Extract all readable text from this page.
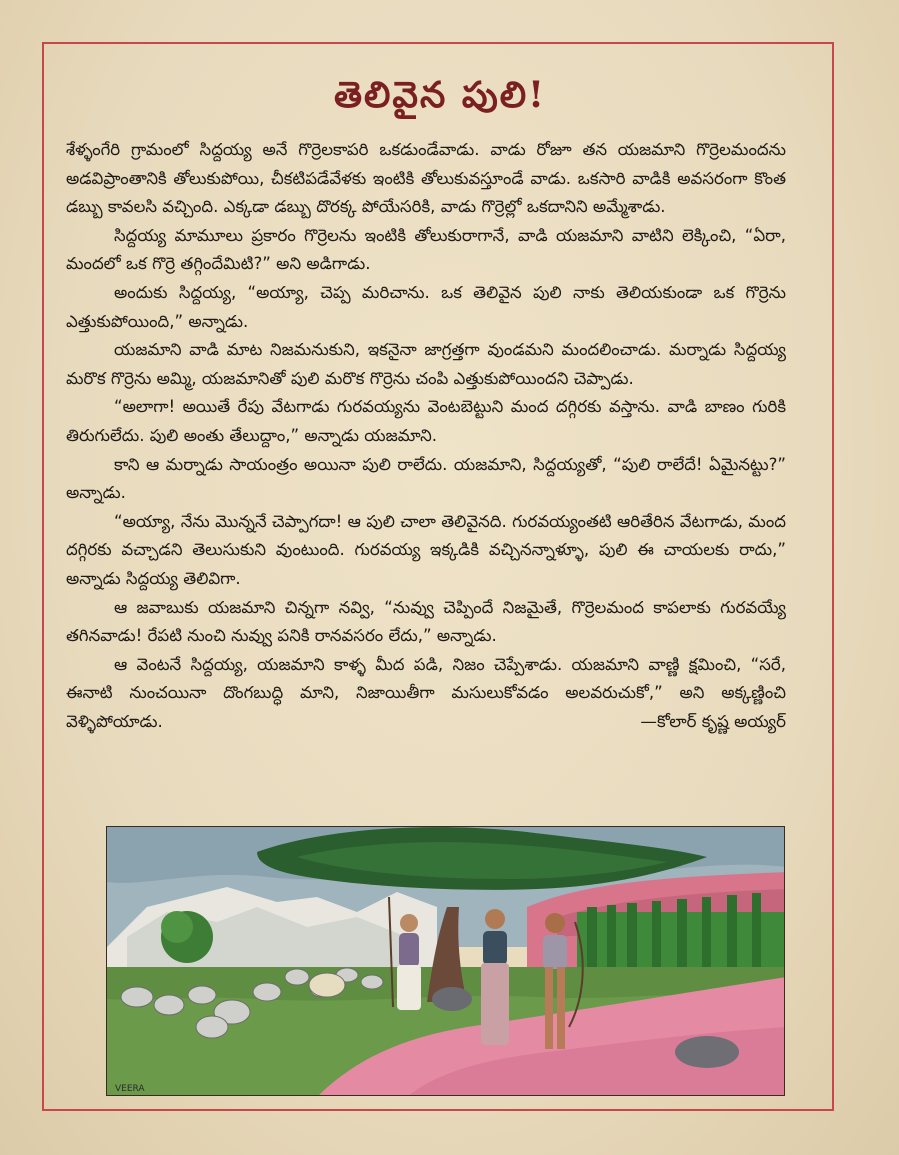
తెలివైన పులి!

శేళ్ళంగేరి గ్రామంలో సిద్దయ్య అనే గొర్రెలకాపరి ఒకడుండేవాడు. వాడు రోజూ తన యజమాని గొర్రెలమందను అడవిప్రాంతానికి తోలుకుపోయి, చీకటిపడేవేళకు ఇంటికి తోలుకువస్తూండే వాడు. ఒకసారి వాడికి అవసరంగా కొంత డబ్బు కావలసి వచ్చింది. ఎక్కడా డబ్బు దొరక్క పోయేసరికి, వాడు గొర్రెల్లో ఒకదానిని అమ్మేశాడు.

సిద్దయ్య మామూలు ప్రకారం గొర్రెలను ఇంటికి తోలుకురాగానే, వాడి యజమాని వాటిని లెక్కించి, “ఏరా, మందలో ఒక గొర్రె తగ్గిందేమిటి?” అని అడిగాడు.

అందుకు సిద్దయ్య, “అయ్యా, చెప్ప మరిచాను. ఒక తెలివైన పులి నాకు తెలియకుండా ఒక గొర్రెను ఎత్తుకుపోయింది,” అన్నాడు.

యజమాని వాడి మాట నిజమనుకుని, ఇకనైనా జాగ్రత్తగా వుండమని మందలించాడు. మర్నాడు సిద్దయ్య మరొక గొర్రెను అమ్మి, యజమానితో పులి మరొక గొర్రెను చంపి ఎత్తుకుపోయిందని చెప్పాడు.

“అలాగా! అయితే రేపు వేటగాడు గురవయ్యను వెంటబెట్టుని మంద దగ్గిరకు వస్తాను. వాడి బాణం గురికి తిరుగులేదు. పులి అంతు తేలుద్దాం,” అన్నాడు యజమాని.

కాని ఆ మర్నాడు సాయంత్రం అయినా పులి రాలేదు. యజమాని, సిద్దయ్యతో, “పులి రాలేదే! ఏమైనట్టు?” అన్నాడు.

“అయ్యా, నేను మొన్ననే చెప్పాగదా! ఆ పులి చాలా తెలివైనది. గురవయ్యంతటి ఆరితేరిన వేటగాడు, మంద దగ్గిరకు వచ్చాడని తెలుసుకుని వుంటుంది. గురవయ్య ఇక్కడికి వచ్చినన్నాళ్ళూ, పులి ఈ చాయలకు రాదు,” అన్నాడు సిద్దయ్య తెలివిగా.

ఆ జవాబుకు యజమాని చిన్నగా నవ్వి, “నువ్వు చెప్పిందే నిజమైతే, గొర్రెలమంద కాపలాకు గురవయ్యే తగినవాడు! రేపటి నుంచి నువ్వు పనికి రానవసరం లేదు,” అన్నాడు.

ఆ వెంటనే సిద్దయ్య, యజమాని కాళ్ళ మీద పడి, నిజం చెప్పేశాడు. యజమాని వాణ్ణి క్షమించి, “సరే, ఈనాటి నుంచయినా దొంగబుద్ధి మాని, నిజాయితీగా మసులుకోవడం అలవరుచుకో,” అని అక్కణ్ణించి వెళ్ళిపోయాడు.	—కోలార్ కృష్ణ అయ్యర్

VEERA
